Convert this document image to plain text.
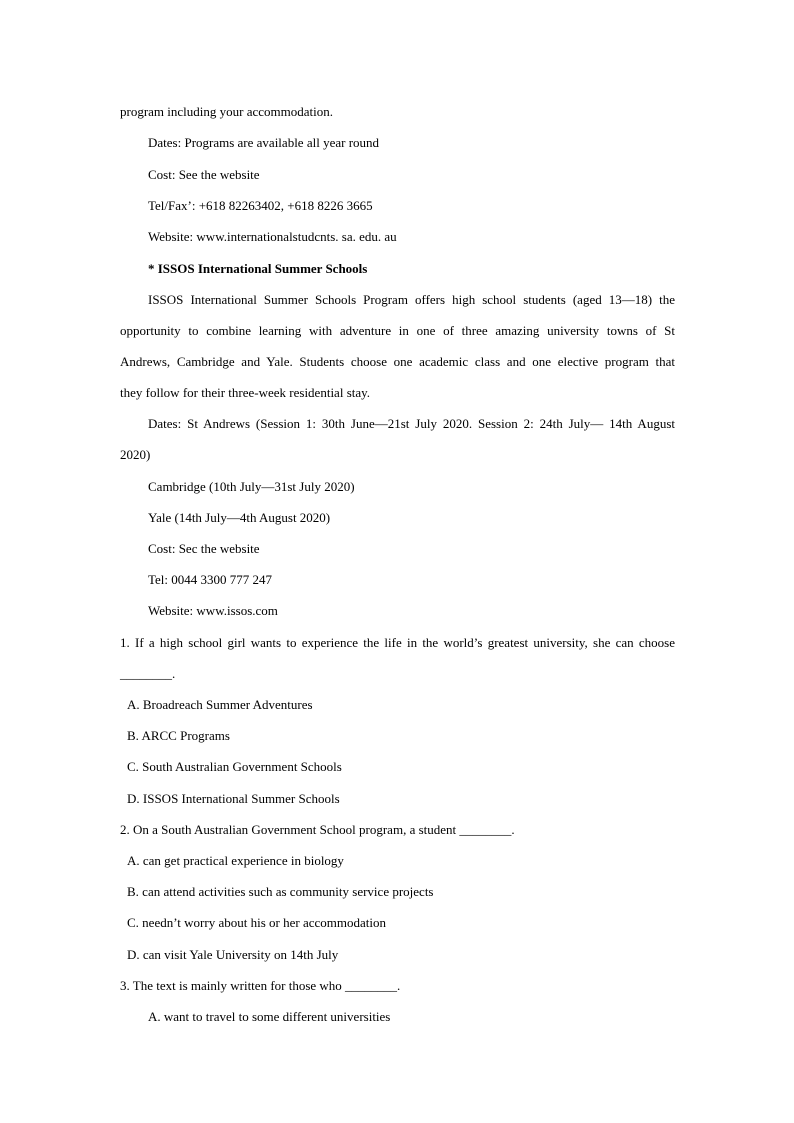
program including your accommodation.
Dates: Programs are available all year round
Cost: See the website
Tel/Fax’: +618 82263402, +618 8226 3665
Website: www.internationalstudcnts. sa. edu. au
* ISSOS International Summer Schools
ISSOS International Summer Schools Program offers high school students (aged 13—18) the
opportunity to combine learning with adventure in one of three amazing university towns of St
Andrews, Cambridge and Yale. Students choose one academic class and one elective program that
they follow for their three-week residential stay.
Dates: St Andrews (Session 1: 30th June—21st July 2020. Session 2: 24th July— 14th August
2020)
Cambridge (10th July—31st July 2020)
Yale (14th July—4th August 2020)
Cost: Sec the website
Tel: 0044 3300 777 247
Website: www.issos.com
1. If a high school girl wants to experience the life in the world’s greatest university, she can choose
________.
A. Broadreach Summer Adventures
B. ARCC Programs
C. South Australian Government Schools
D. ISSOS International Summer Schools
2. On a South Australian Government School program, a student ________.
A. can get practical experience in biology
B. can attend activities such as community service projects
C. needn’t worry about his or her accommodation
D. can visit Yale University on 14th July
3. The text is mainly written for those who ________.
A. want to travel to some different universities
